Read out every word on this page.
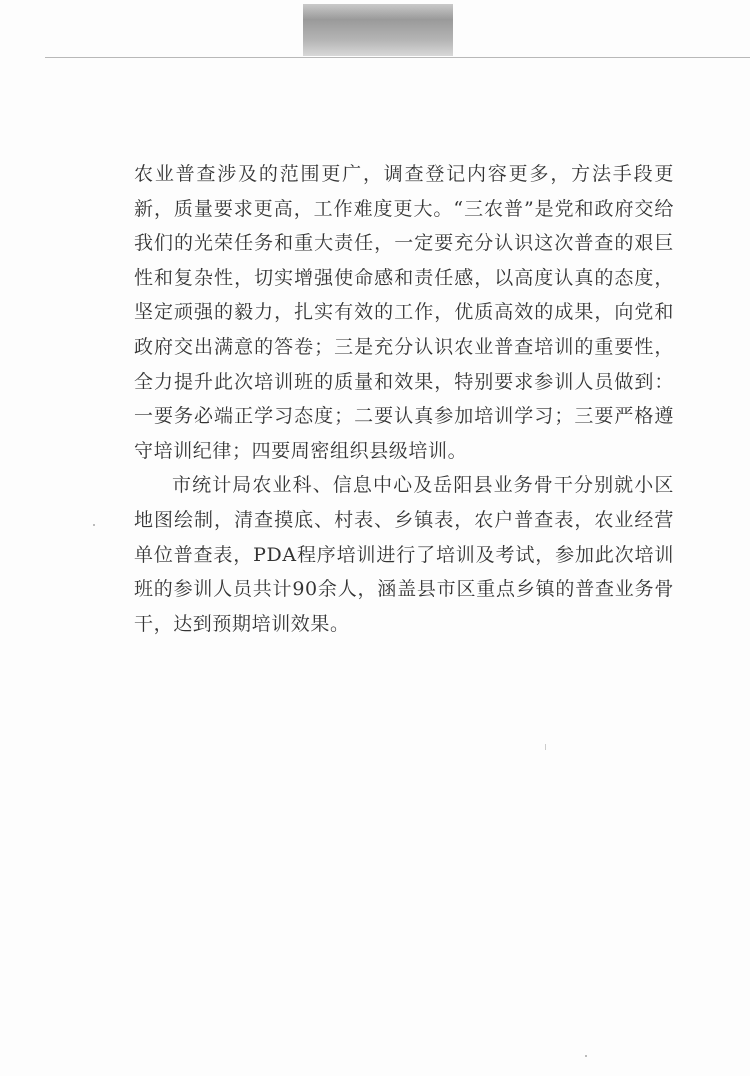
农业普查涉及的范围更广，调查登记内容更多，方法手段更新，质量要求更高，工作难度更大。“三农普”是党和政府交给我们的光荣任务和重大责任，一定要充分认识这次普查的艰巨性和复杂性，切实增强使命感和责任感，以高度认真的态度，坚定顽强的毅力，扎实有效的工作，优质高效的成果，向党和政府交出满意的答卷；三是充分认识农业普查培训的重要性，全力提升此次培训班的质量和效果，特别要求参训人员做到：一要务必端正学习态度；二要认真参加培训学习；三要严格遵守培训纪律；四要周密组织县级培训。

市统计局农业科、信息中心及岳阳县业务骨干分别就小区地图绘制，清查摸底、村表、乡镇表，农户普查表，农业经营单位普查表，PDA程序培训进行了培训及考试，参加此次培训班的参训人员共计90余人，涵盖县市区重点乡镇的普查业务骨干，达到预期培训效果。
